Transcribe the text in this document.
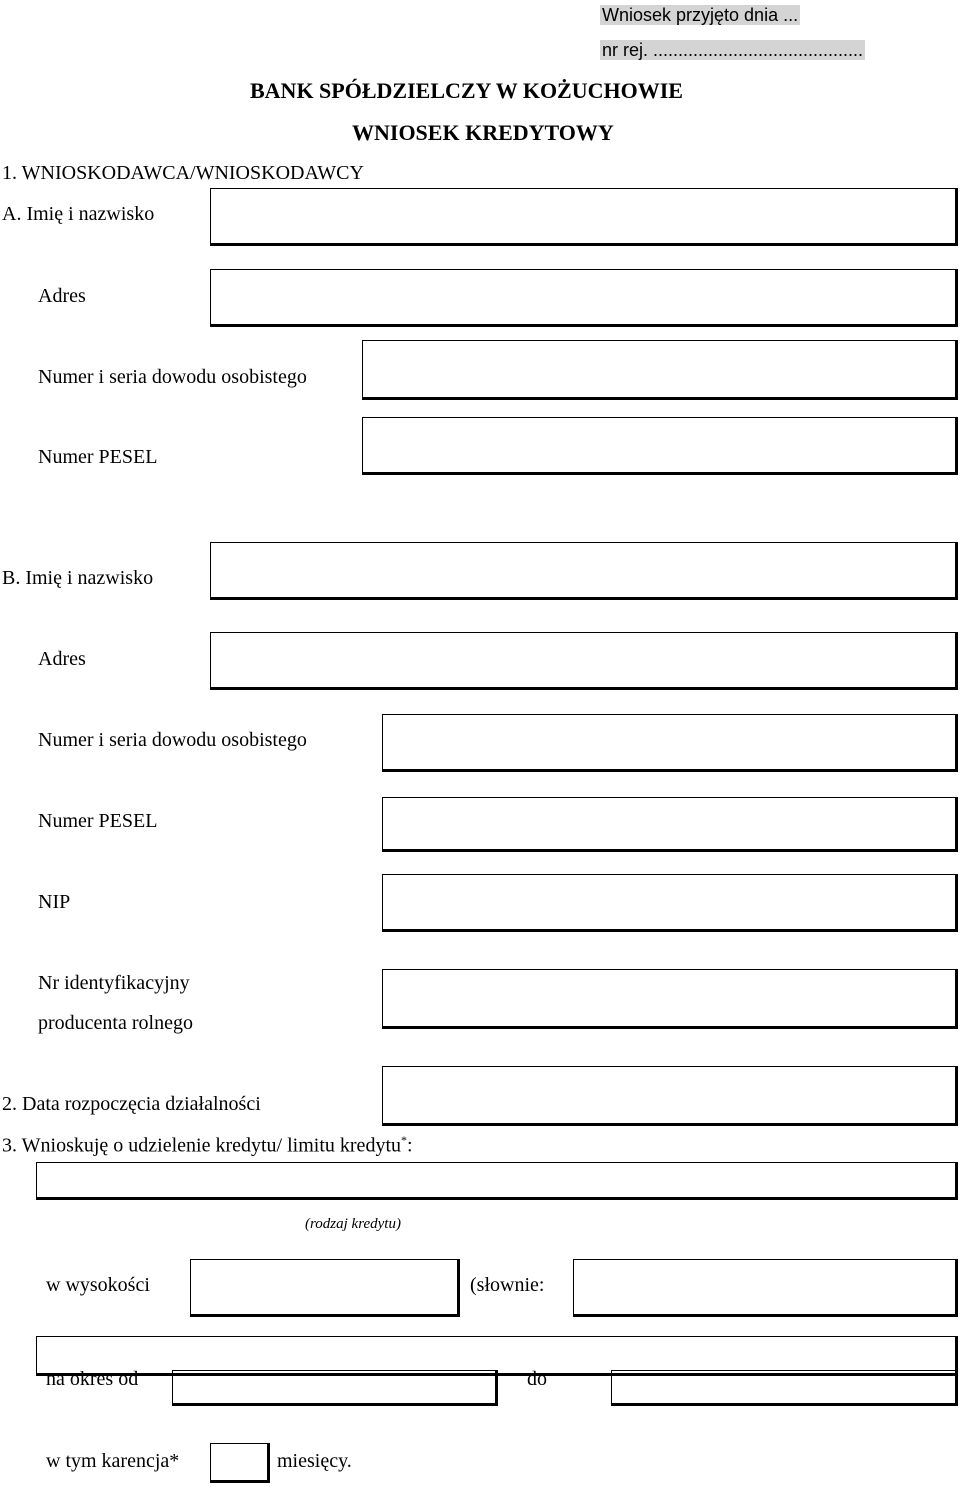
Wniosek przyjęto dnia ...
nr rej. ..........................................
BANK SPÓŁDZIELCZY W KOŻUCHOWIE
WNIOSEK KREDYTOWY
1. WNIOSKODAWCA/WNIOSKODAWCY
A. Imię i nazwisko
Adres
Numer i seria dowodu osobistego
Numer PESEL
B. Imię i nazwisko
Adres
Numer i seria dowodu osobistego
Numer PESEL
NIP
Nr identyfikacyjny
producenta rolnego
2. Data rozpoczęcia działalności
3. Wnioskuję o udzielenie kredytu/ limitu kredytu*:
(rodzaj kredytu)
w wysokości	(słownie:
na okres od	do
w tym karencja*	miesięcy.
